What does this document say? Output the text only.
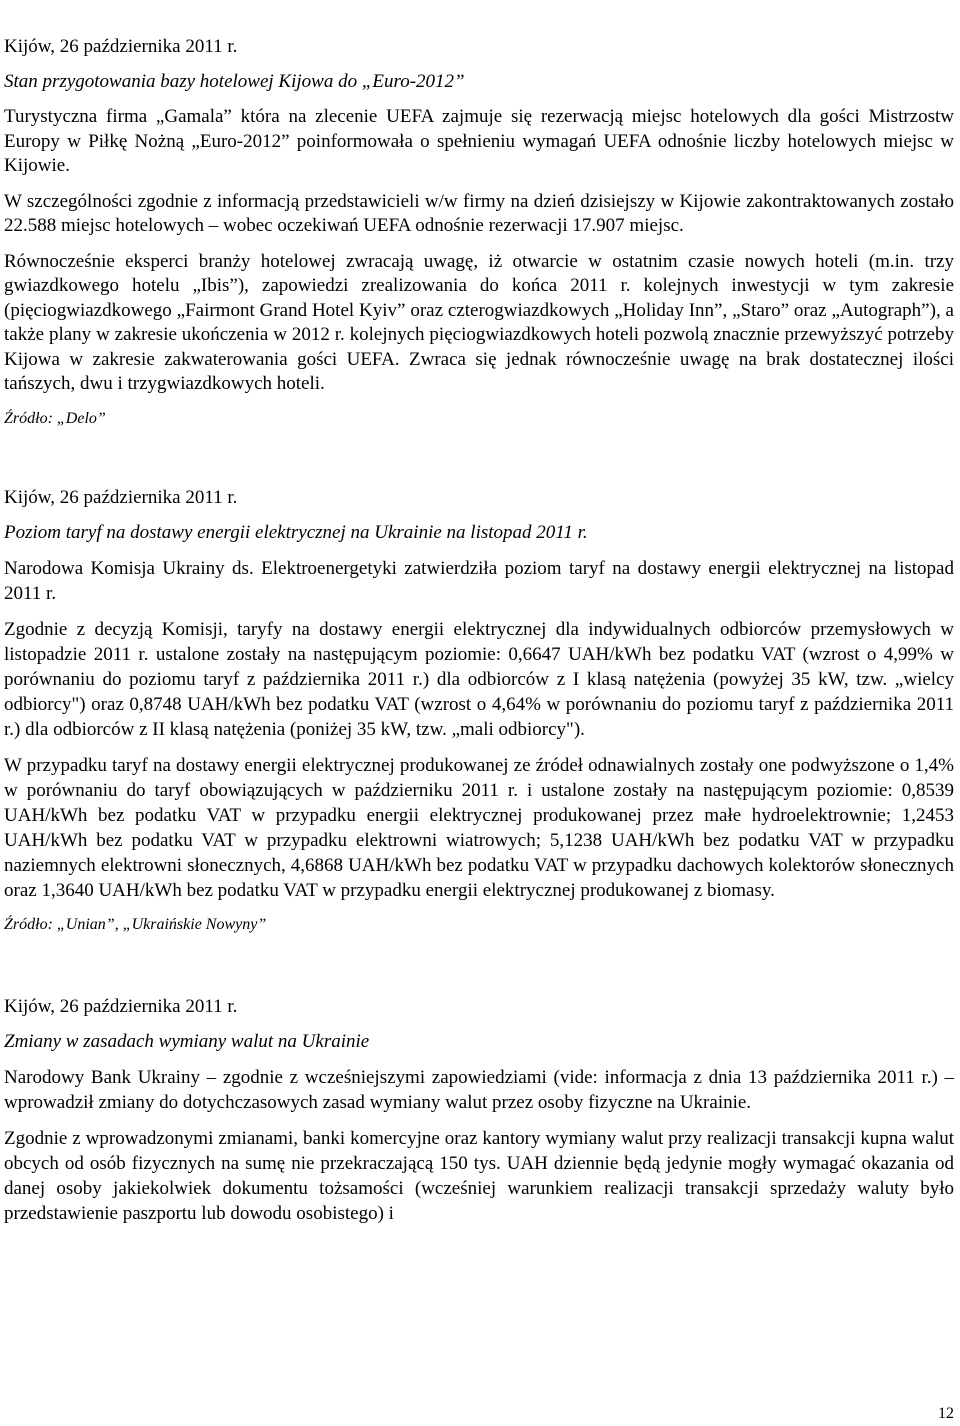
Kijów, 26 października 2011 r.

Stan przygotowania bazy hotelowej Kijowa do „Euro-2012”

Turystyczna firma „Gamala” która na zlecenie UEFA zajmuje się rezerwacją miejsc hotelowych dla gości Mistrzostw Europy w Piłkę Nożną „Euro-2012” poinformowała o spełnieniu wymagań UEFA odnośnie liczby hotelowych miejsc w Kijowie.

W szczególności zgodnie z informacją przedstawicieli w/w firmy na dzień dzisiejszy w Kijowie zakontraktowanych zostało 22.588 miejsc hotelowych – wobec oczekiwań UEFA odnośnie rezerwacji 17.907 miejsc.

Równocześnie eksperci branży hotelowej zwracają uwagę, iż otwarcie w ostatnim czasie nowych hoteli (m.in. trzy gwiazdkowego hotelu „Ibis”), zapowiedzi zrealizowania do końca 2011 r. kolejnych inwestycji w tym zakresie (pięciogwiazdkowego „Fairmont Grand Hotel Kyiv” oraz czterogwiazdkowych „Holiday Inn”, „Staro” oraz „Autograph”), a także plany w zakresie ukończenia w 2012 r. kolejnych pięciogwiazdkowych hoteli pozwolą znacznie przewyższyć potrzeby Kijowa w zakresie zakwaterowania gości UEFA. Zwraca się jednak równocześnie uwagę na brak dostatecznej ilości tańszych, dwu i trzygwiazdkowych hoteli.

Źródło: „Delo”

Kijów, 26 października 2011 r.

Poziom taryf na dostawy energii elektrycznej na Ukrainie na listopad 2011 r.

Narodowa Komisja Ukrainy ds. Elektroenergetyki zatwierdziła poziom taryf na dostawy energii elektrycznej na listopad 2011 r.

Zgodnie z decyzją Komisji, taryfy na dostawy energii elektrycznej dla indywidualnych odbiorców przemysłowych w listopadzie 2011 r. ustalone zostały na następującym poziomie: 0,6647 UAH/kWh bez podatku VAT (wzrost o 4,99% w porównaniu do poziomu taryf z października 2011 r.) dla odbiorców z I klasą natężenia (powyżej 35 kW, tzw. „wielcy odbiorcy") oraz 0,8748 UAH/kWh bez podatku VAT (wzrost o 4,64% w porównaniu do poziomu taryf z października 2011 r.) dla odbiorców z II klasą natężenia (poniżej 35 kW, tzw. „mali odbiorcy").

W przypadku taryf na dostawy energii elektrycznej produkowanej ze źródeł odnawialnych zostały one podwyższone o 1,4% w porównaniu do taryf obowiązujących w październiku 2011 r. i ustalone zostały na następującym poziomie: 0,8539 UAH/kWh bez podatku VAT w przypadku energii elektrycznej produkowanej przez małe hydroelektrownie; 1,2453 UAH/kWh bez podatku VAT w przypadku elektrowni wiatrowych; 5,1238 UAH/kWh bez podatku VAT w przypadku naziemnych elektrowni słonecznych, 4,6868 UAH/kWh bez podatku VAT w przypadku dachowych kolektorów słonecznych oraz 1,3640 UAH/kWh bez podatku VAT w przypadku energii elektrycznej produkowanej z biomasy.

Źródło: „Unian”, „Ukraińskie Nowyny”

Kijów, 26 października 2011 r.

Zmiany w zasadach wymiany walut na Ukrainie

Narodowy Bank Ukrainy – zgodnie z wcześniejszymi zapowiedziami (vide: informacja z dnia 13 października 2011 r.) – wprowadził zmiany do dotychczasowych zasad wymiany walut przez osoby fizyczne na Ukrainie.

Zgodnie z wprowadzonymi zmianami, banki komercyjne oraz kantory wymiany walut przy realizacji transakcji kupna walut obcych od osób fizycznych na sumę nie przekraczającą 150 tys. UAH dziennie będą jedynie mogły wymagać okazania od danej osoby jakiekolwiek dokumentu tożsamości (wcześniej warunkiem realizacji transakcji sprzedaży waluty było przedstawienie paszportu lub dowodu osobistego) i

12
